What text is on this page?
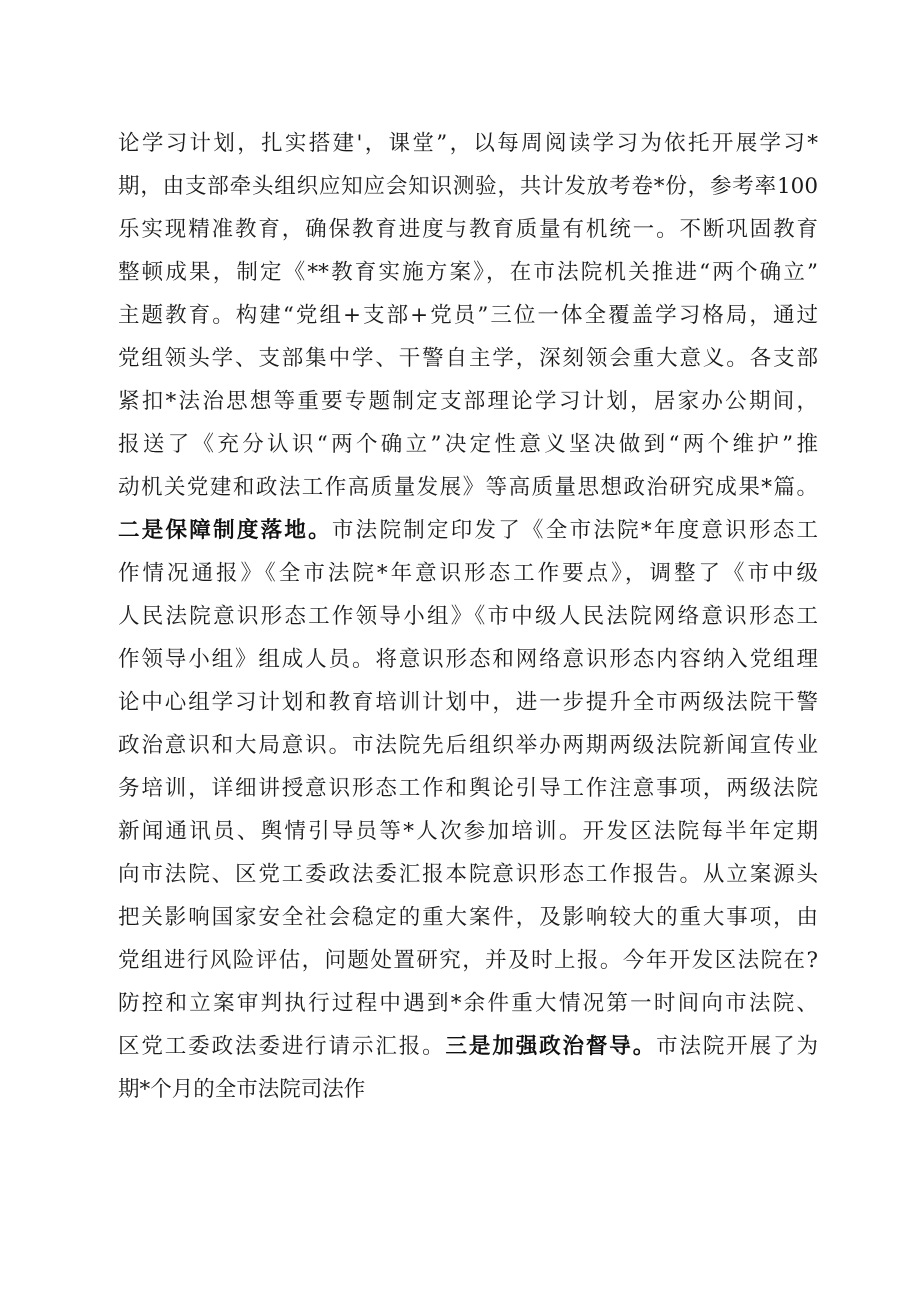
论学习计划，扎实搭建'，课堂”，以每周阅读学习为依托开展学习*
期，由支部牵头组织应知应会知识测验，共计发放考卷*份，参考率100
乐实现精准教育，确保教育进度与教育质量有机统一。不断巩固教育
整顿成果，制定《**教育实施方案》，在市法院机关推进“两个确立”
主题教育。构建“党组+支部+党员”三位一体全覆盖学习格局，通过
党组领头学、支部集中学、干警自主学，深刻领会重大意义。各支部
紧扣*法治思想等重要专题制定支部理论学习计划，居家办公期间，
报送了《充分认识“两个确立”决定性意义坚决做到“两个维护”推
动机关党建和政法工作高质量发展》等高质量思想政治研究成果*篇。
二是保障制度落地。市法院制定印发了《全市法院*年度意识形态工
作情况通报》《全市法院*年意识形态工作要点》，调整了《市中级
人民法院意识形态工作领导小组》《市中级人民法院网络意识形态工
作领导小组》组成人员。将意识形态和网络意识形态内容纳入党组理
论中心组学习计划和教育培训计划中，进一步提升全市两级法院干警
政治意识和大局意识。市法院先后组织举办两期两级法院新闻宣传业
务培训，详细讲授意识形态工作和舆论引导工作注意事项，两级法院
新闻通讯员、舆情引导员等*人次参加培训。开发区法院每半年定期
向市法院、区党工委政法委汇报本院意识形态工作报告。从立案源头
把关影响国家安全社会稳定的重大案件，及影响较大的重大事项，由
党组进行风险评估，问题处置研究，并及时上报。今年开发区法院在?
防控和立案审判执行过程中遇到*余件重大情况第一时间向市法院、
区党工委政法委进行请示汇报。三是加强政治督导。市法院开展了为
期*个月的全市法院司法作
